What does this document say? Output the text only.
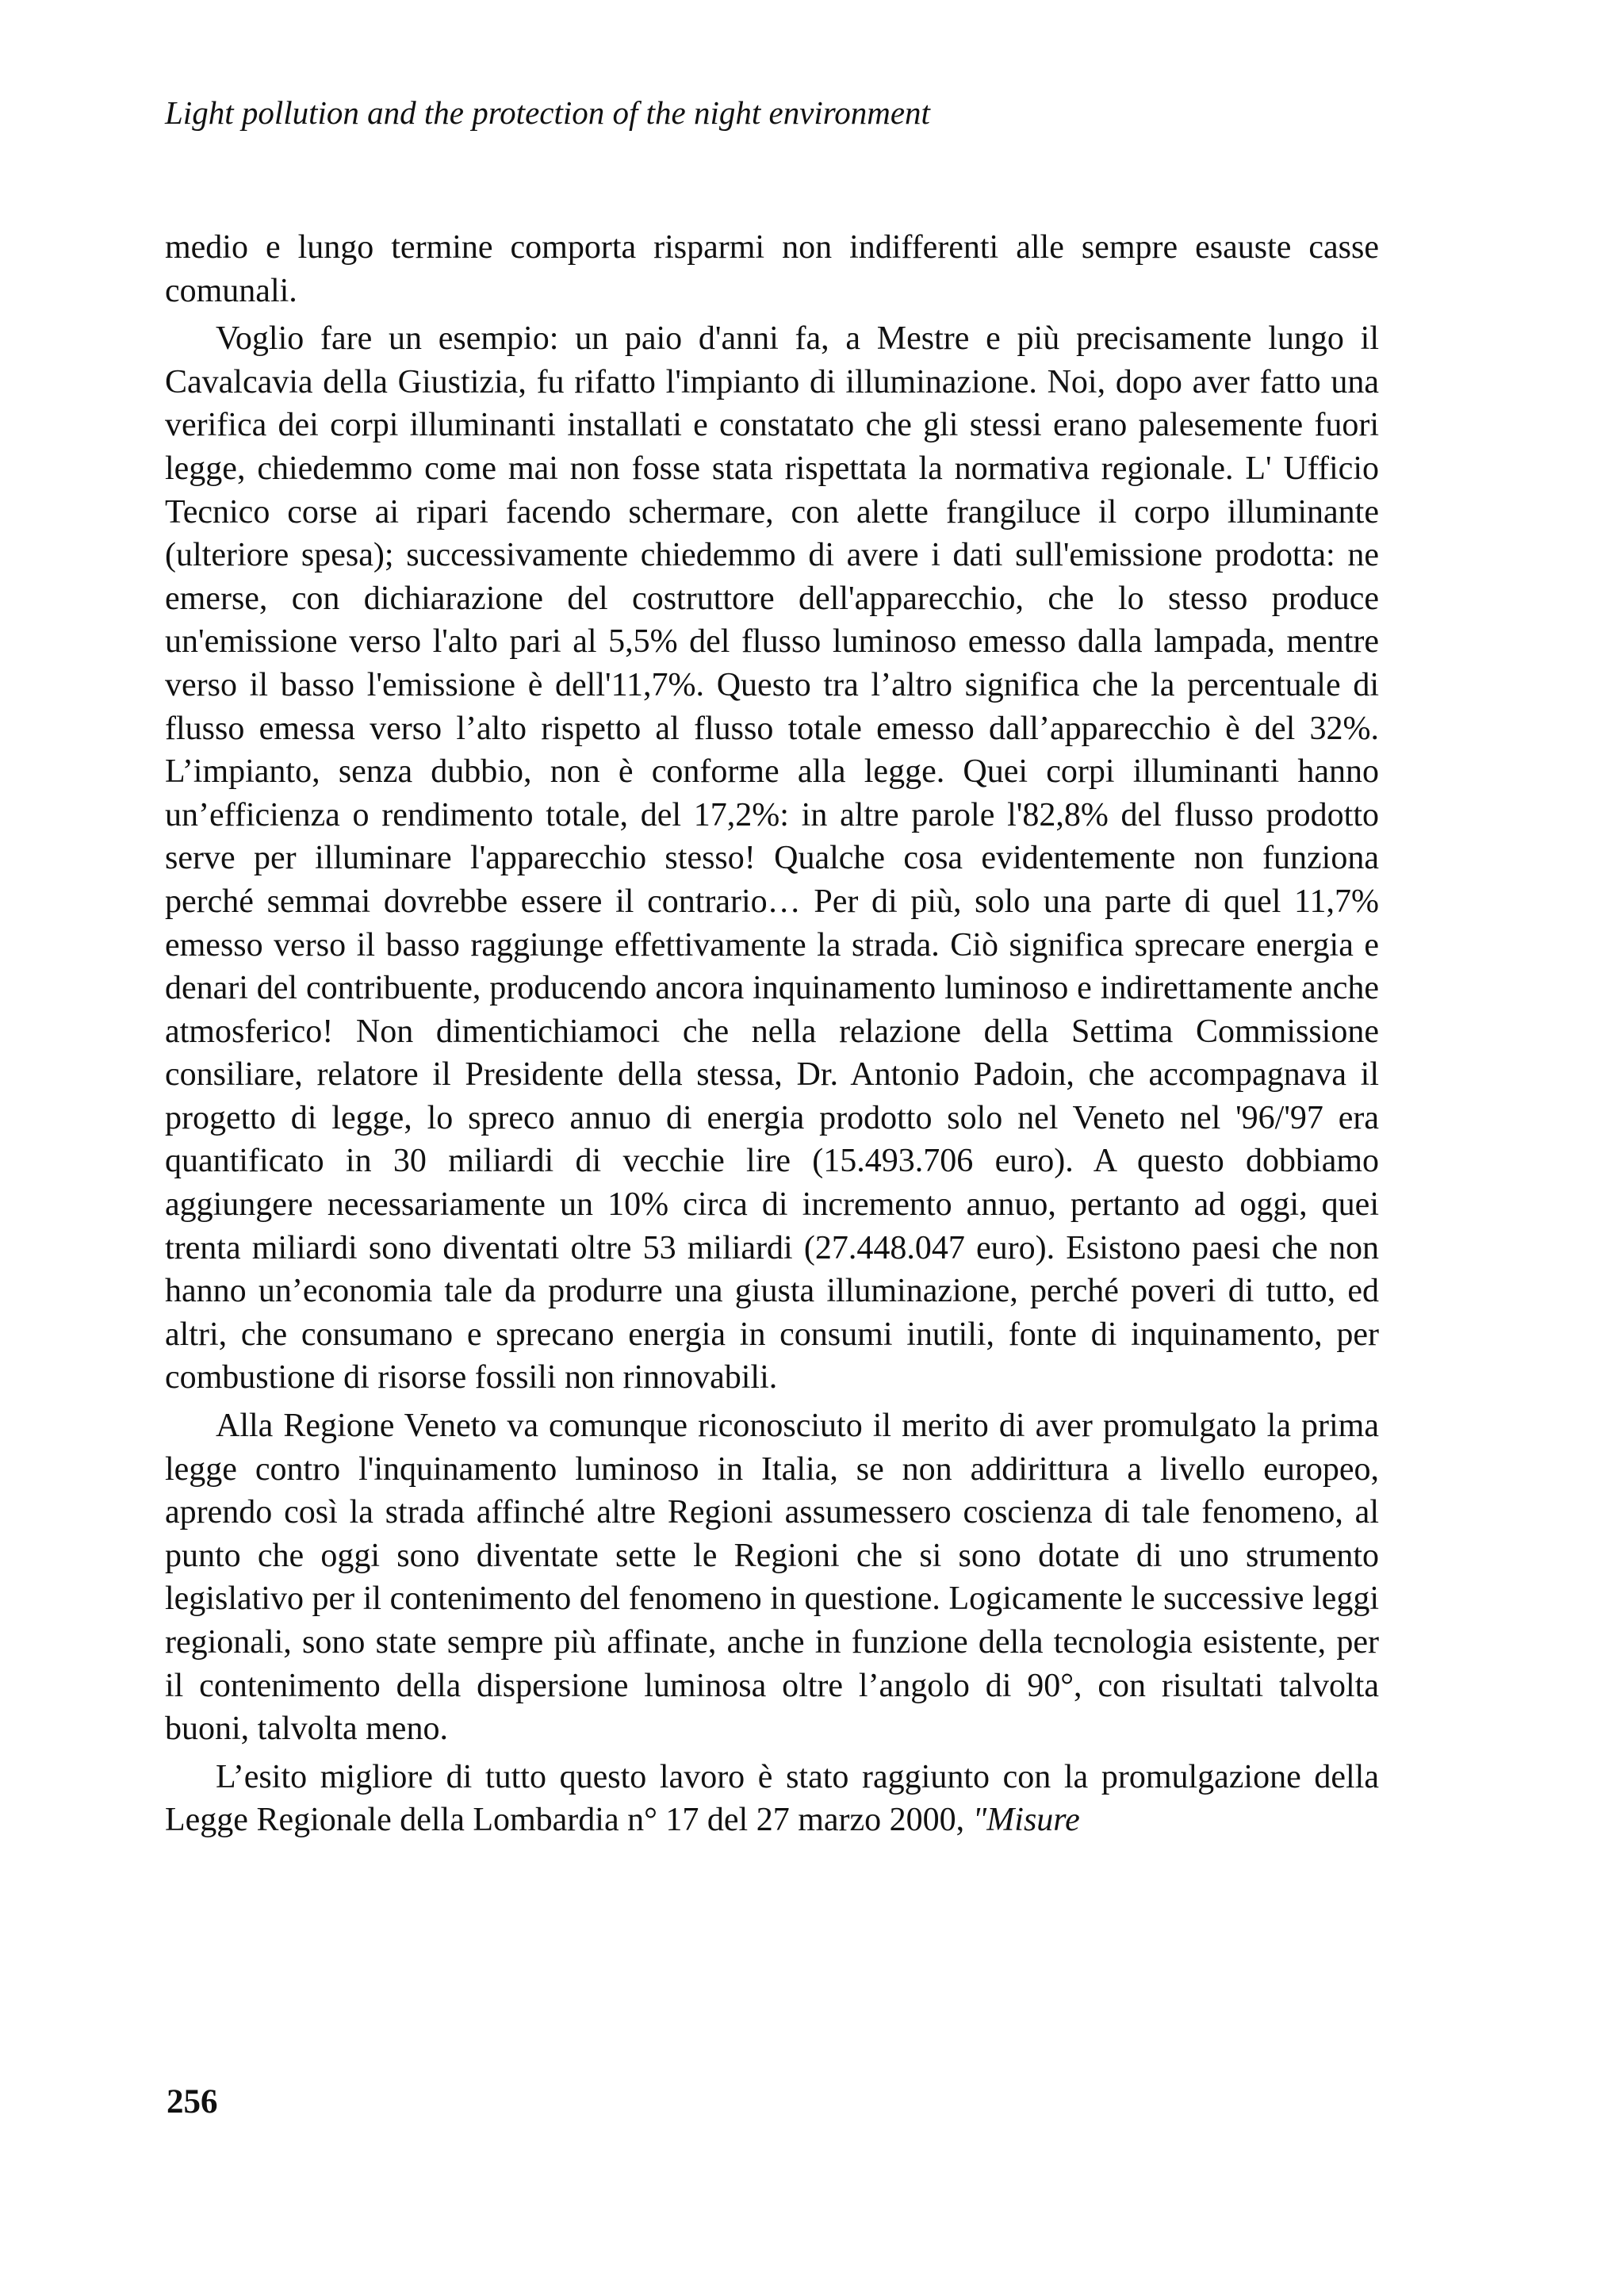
Light pollution and the protection of the night environment

medio e lungo termine comporta risparmi non indifferenti alle sempre esauste casse comunali.

Voglio fare un esempio: un paio d'anni fa, a Mestre e più precisamente lungo il Cavalcavia della Giustizia, fu rifatto l'impianto di illuminazione. Noi, dopo aver fatto una verifica dei corpi illuminanti installati e constatato che gli stessi erano palesemente fuori legge, chiedemmo come mai non fosse stata rispettata la normativa regionale. L' Ufficio Tecnico corse ai ripari facendo schermare, con alette frangiluce il corpo illuminante (ulteriore spesa); successivamente chiedemmo di avere i dati sull'emissione prodotta: ne emerse, con dichiarazione del costruttore dell'apparecchio, che lo stesso produce un'emissione verso l'alto pari al 5,5% del flusso luminoso emesso dalla lampada, mentre verso il basso l'emissione è dell'11,7%. Questo tra l’altro significa che la percentuale di flusso emessa verso l’alto rispetto al flusso totale emesso dall’apparecchio è del 32%. L’impianto, senza dubbio, non è conforme alla legge. Quei corpi illuminanti hanno un’efficienza o rendimento totale, del 17,2%: in altre parole l'82,8% del flusso prodotto serve per illuminare l'apparecchio stesso! Qualche cosa evidentemente non funziona perché semmai dovrebbe essere il contrario… Per di più, solo una parte di quel 11,7% emesso verso il basso raggiunge effettivamente la strada. Ciò significa sprecare energia e denari del contribuente, producendo ancora inquinamento luminoso e indirettamente anche atmosferico! Non dimentichiamoci che nella relazione della Settima Commissione consiliare, relatore il Presidente della stessa, Dr. Antonio Padoin, che accompagnava il progetto di legge, lo spreco annuo di energia prodotto solo nel Veneto nel '96/'97 era quantificato in 30 miliardi di vecchie lire (15.493.706 euro). A questo dobbiamo aggiungere necessariamente un 10% circa di incremento annuo, pertanto ad oggi, quei trenta miliardi sono diventati oltre 53 miliardi (27.448.047 euro). Esistono paesi che non hanno un’economia tale da produrre una giusta illuminazione, perché poveri di tutto, ed altri, che consumano e sprecano energia in consumi inutili, fonte di inquinamento, per combustione di risorse fossili non rinnovabili.

Alla Regione Veneto va comunque riconosciuto il merito di aver promulgato la prima legge contro l'inquinamento luminoso in Italia, se non addirittura a livello europeo, aprendo così la strada affinché altre Regioni assumessero coscienza di tale fenomeno, al punto che oggi sono diventate sette le Regioni che si sono dotate di uno strumento legislativo per il contenimento del fenomeno in questione. Logicamente le successive leggi regionali, sono state sempre più affinate, anche in funzione della tecnologia esistente, per il contenimento della dispersione luminosa oltre l’angolo di 90°, con risultati talvolta buoni, talvolta meno.

L’esito migliore di tutto questo lavoro è stato raggiunto con la promulgazione della Legge Regionale della Lombardia n° 17 del 27 marzo 2000, "Misure

256
